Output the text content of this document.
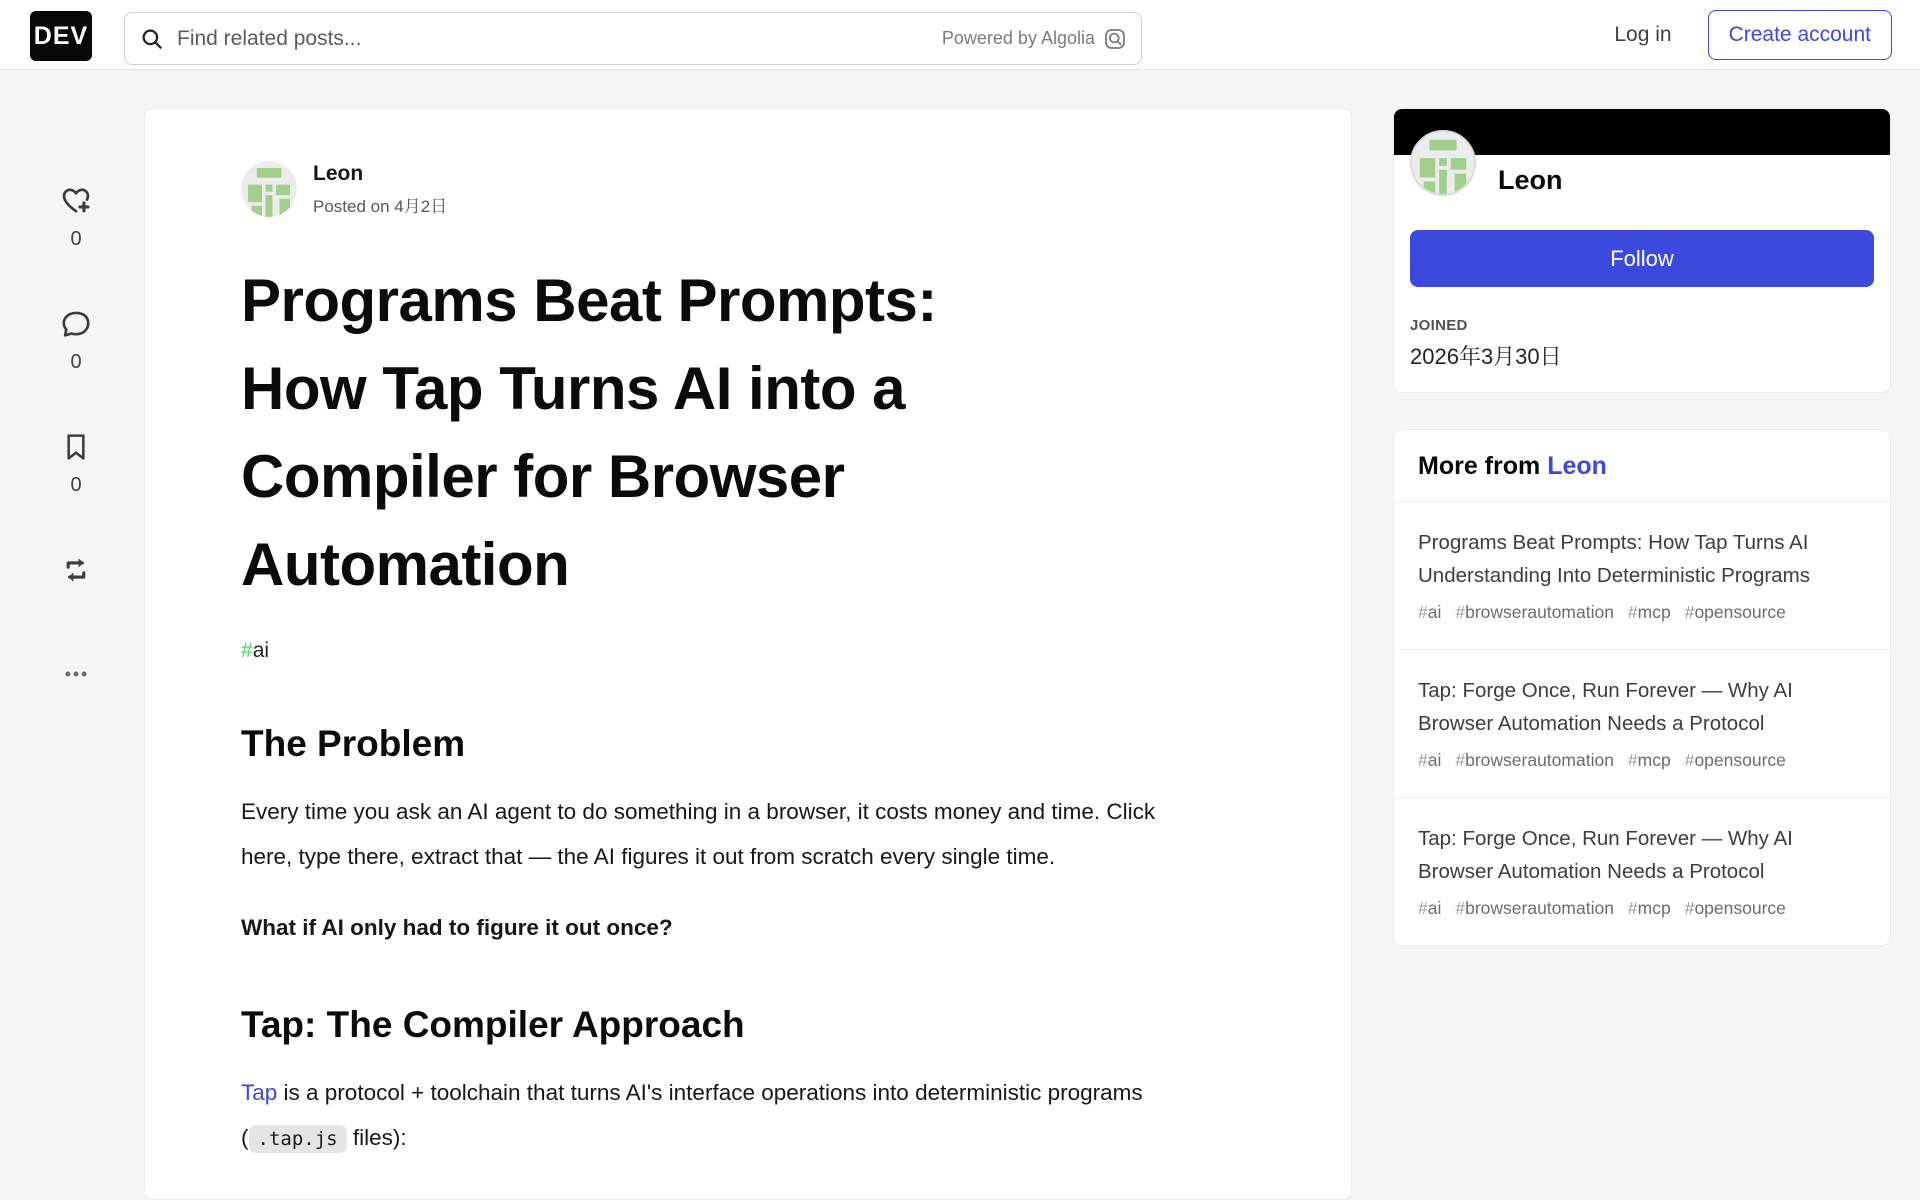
DEV
Find related posts...	Powered by Algolia	Log in	Create account
0
0
0
Leon
Posted on 4月2日
Programs Beat Prompts:
How Tap Turns AI into a
Compiler for Browser
Automation
#ai
The Problem

Every time you ask an AI agent to do something in a browser, it costs money and time. Click here, type there, extract that — the AI figures it out from scratch every single time.

What if AI only had to figure it out once?

Tap: The Compiler Approach

Tap is a protocol + toolchain that turns AI's interface operations into deterministic programs ( .tap.js files):

Leon
Follow
JOINED
2026年3月30日
More from Leon
Programs Beat Prompts: How Tap Turns AI Understanding Into Deterministic Programs
#ai #browserautomation #mcp #opensource
Tap: Forge Once, Run Forever — Why AI Browser Automation Needs a Protocol
#ai #browserautomation #mcp #opensource
Tap: Forge Once, Run Forever — Why AI Browser Automation Needs a Protocol
#ai #browserautomation #mcp #opensource
